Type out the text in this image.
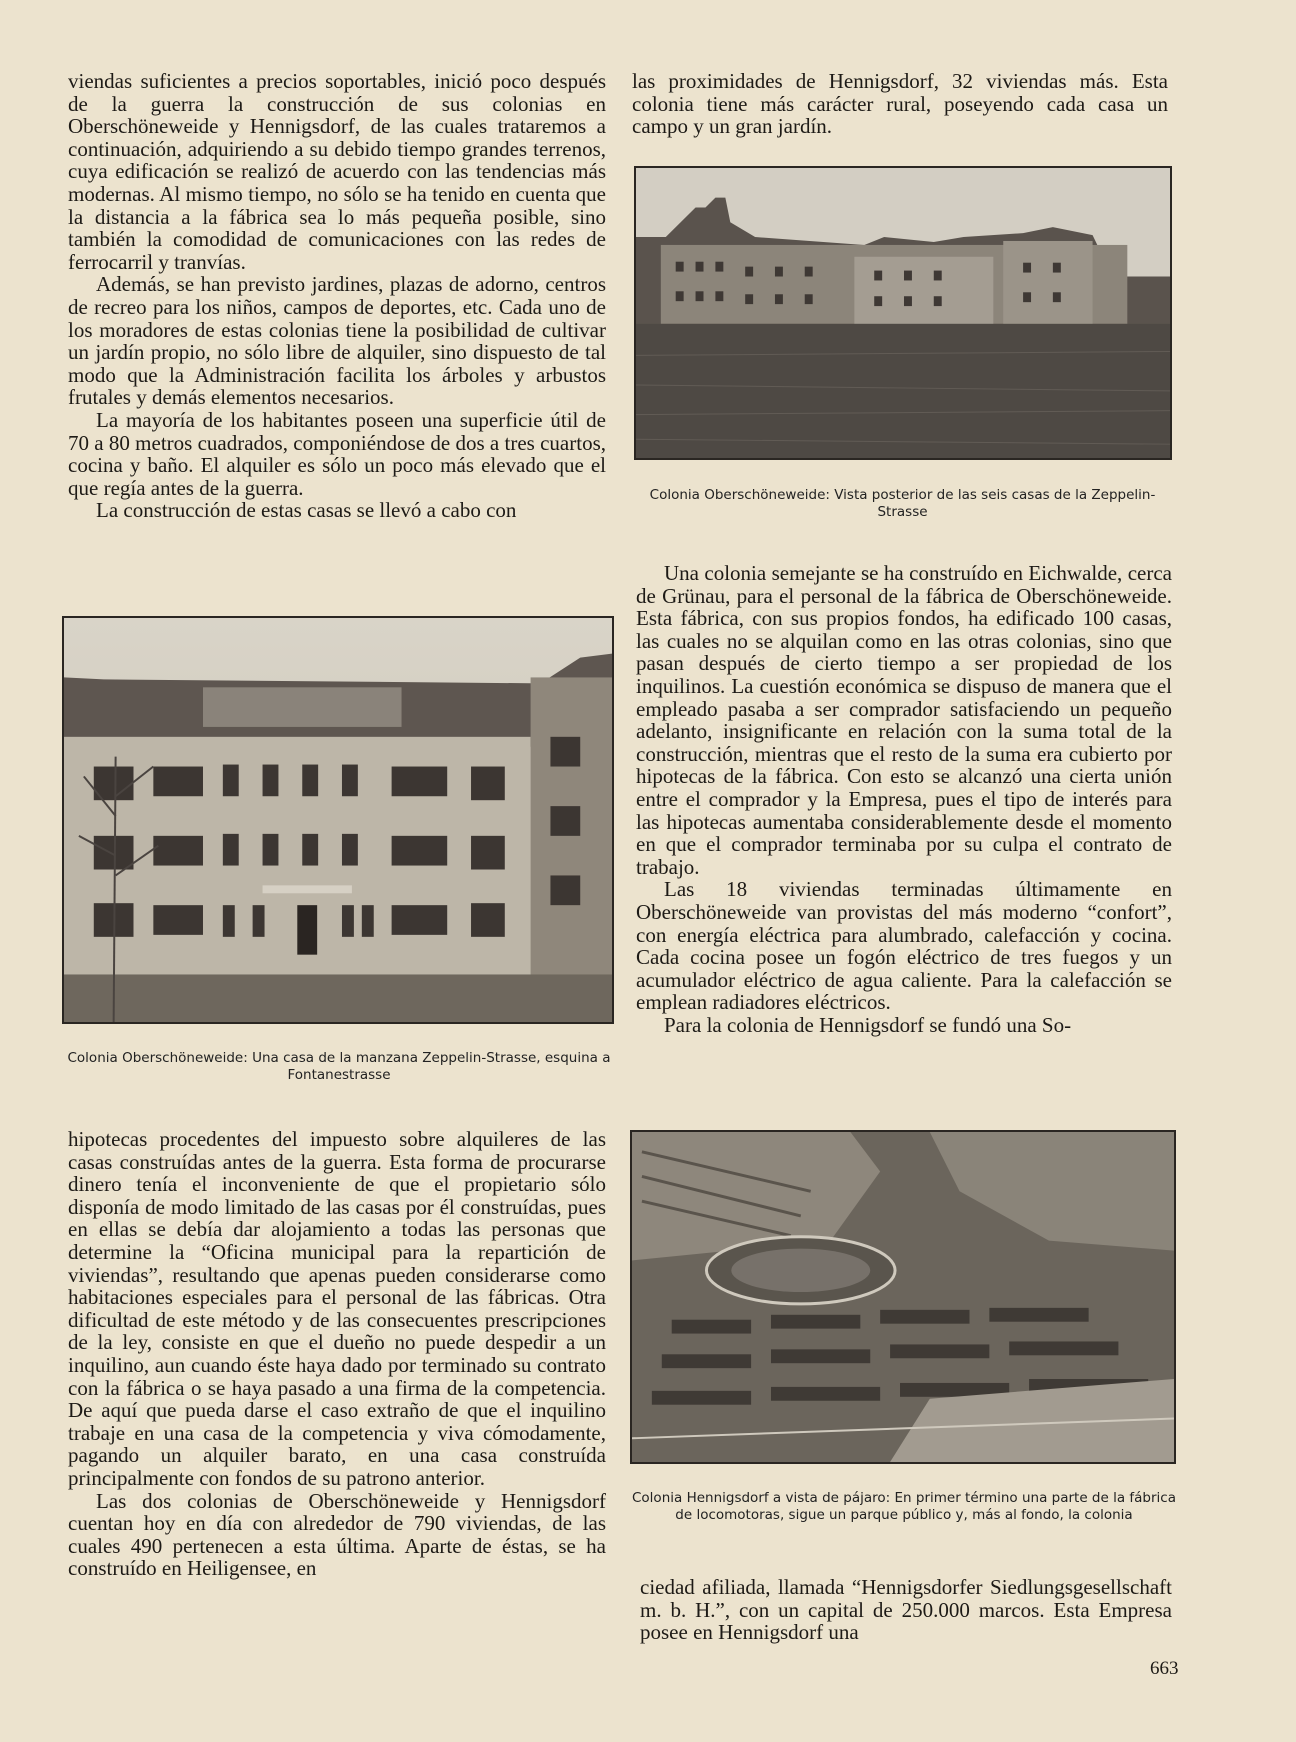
viendas suficientes a precios soportables, inició poco después de la guerra la construcción de sus colonias en Oberschöneweide y Hennigsdorf, de las cuales trataremos a continuación, adquiriendo a su debido tiempo grandes terrenos, cuya edificación se realizó de acuerdo con las tendencias más modernas. Al mismo tiempo, no sólo se ha tenido en cuenta que la distancia a la fábrica sea lo más pequeña posible, sino también la comodidad de comunicaciones con las redes de ferrocarril y tranvías.

Además, se han previsto jardines, plazas de adorno, centros de recreo para los niños, campos de deportes, etc. Cada uno de los moradores de estas colonias tiene la posibilidad de cultivar un jardín propio, no sólo libre de alquiler, sino dispuesto de tal modo que la Administración facilita los árboles y arbustos frutales y demás elementos necesarios.

La mayoría de los habitantes poseen una superficie útil de 70 a 80 metros cuadrados, componiéndose de dos a tres cuartos, cocina y baño. El alquiler es sólo un poco más elevado que el que regía antes de la guerra.

La construcción de estas casas se llevó a cabo con

Colonia Oberschöneweide: Una casa de la manzana Zeppelin-Strasse, esquina a Fontanestrasse

hipotecas procedentes del impuesto sobre alquileres de las casas construídas antes de la guerra. Esta forma de procurarse dinero tenía el inconveniente de que el propietario sólo disponía de modo limitado de las casas por él construídas, pues en ellas se debía dar alojamiento a todas las personas que determine la “Oficina municipal para la repartición de viviendas”, resultando que apenas pueden considerarse como habitaciones especiales para el personal de las fábricas. Otra dificultad de este método y de las consecuentes prescripciones de la ley, consiste en que el dueño no puede despedir a un inquilino, aun cuando éste haya dado por terminado su contrato con la fábrica o se haya pasado a una firma de la competencia. De aquí que pueda darse el caso extraño de que el inquilino trabaje en una casa de la competencia y viva cómodamente, pagando un alquiler barato, en una casa construída principalmente con fondos de su patrono anterior.

Las dos colonias de Oberschöneweide y Hennigsdorf cuentan hoy en día con alrededor de 790 viviendas, de las cuales 490 pertenecen a esta última. Aparte de éstas, se ha construído en Heiligensee, en

las proximidades de Hennigsdorf, 32 viviendas más. Esta colonia tiene más carácter rural, poseyendo cada casa un campo y un gran jardín.

Colonia Oberschöneweide: Vista posterior de las seis casas de la Zeppelin-Strasse

Una colonia semejante se ha construído en Eichwalde, cerca de Grünau, para el personal de la fábrica de Oberschöneweide. Esta fábrica, con sus propios fondos, ha edificado 100 casas, las cuales no se alquilan como en las otras colonias, sino que pasan después de cierto tiempo a ser propiedad de los inquilinos. La cuestión económica se dispuso de manera que el empleado pasaba a ser comprador satisfaciendo un pequeño adelanto, insignificante en relación con la suma total de la construcción, mientras que el resto de la suma era cubierto por hipotecas de la fábrica. Con esto se alcanzó una cierta unión entre el comprador y la Empresa, pues el tipo de interés para las hipotecas aumentaba considerablemente desde el momento en que el comprador terminaba por su culpa el contrato de trabajo.

Las 18 viviendas terminadas últimamente en Oberschöneweide van provistas del más moderno “confort”, con energía eléctrica para alumbrado, calefacción y cocina. Cada cocina posee un fogón eléctrico de tres fuegos y un acumulador eléctrico de agua caliente. Para la calefacción se emplean radiadores eléctricos.

Para la colonia de Hennigsdorf se fundó una So-

Colonia Hennigsdorf a vista de pájaro: En primer término una parte de la fábrica de locomotoras, sigue un parque público y, más al fondo, la colonia

ciedad afiliada, llamada “Hennigsdorfer Siedlungsgesellschaft m. b. H.”, con un capital de 250.000 marcos. Esta Empresa posee en Hennigsdorf una

663
